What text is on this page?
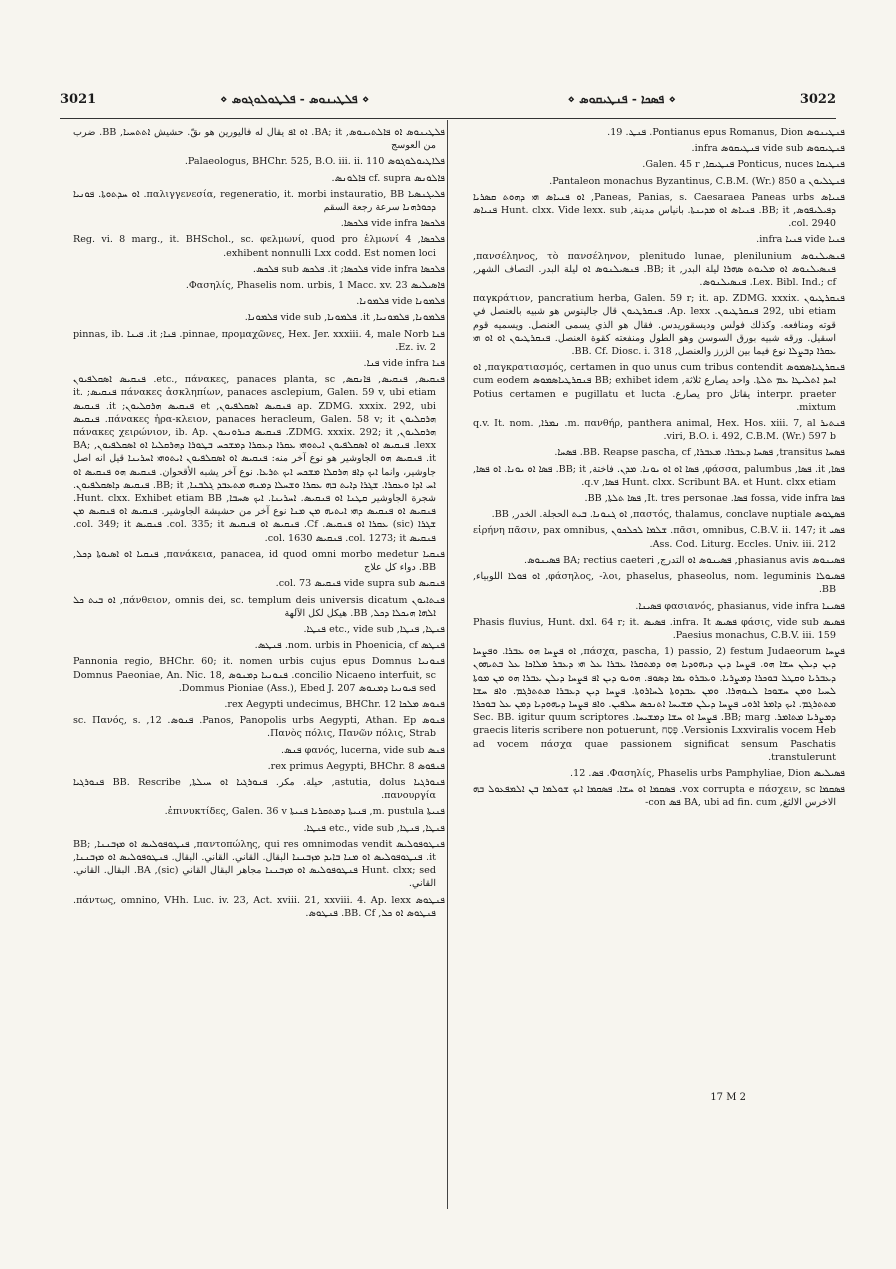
3021	⋄ ܦܠܛܝܢܘܣ - ܦܠܛܘܠܘܓܘܣ ⋄	⋄ ܦܣܟܐ - ܦܢܛܝܩܘܣ ⋄	3022

ܦܠܛܝܢܘܣ ܐܘ ܦܐܠܬܝܢܘܣ, BA; it. ܐܘ ܐܦ يقال له فاليورين هو ىقّ. حشيش ܐܬܬܚܝܐ, BB. ضرب من العوسج

ܦܠܐܛܝܘܠܘܓܘܣ Palaeologus, BHChr. 525, B.O. iii. ii. 110.

ܦܐܠܘܢܣ cf. supra ܦܐܠܘܢܣ.

ܦܠܝܓܢܣܝܐ παλιγγενεσία, regeneratio, it. morbi instauratio, BB. ܐܘ ܚܕܬܘܬܐ. ܦܘܢܝܐ ܕܟܘܪܗܢܐ سرعة رجعة السقم

ܦܠܟܣܐ vide infra ܦܠܟܣܐ.

ܦܠܟܣܐ, 4 Reg. vi. 8 marg., it. BHSchol., sc. φελμωνί, quod pro ἐλμωνί exhibent nonnulli Lxx codd. Est nomen loci.

ܦܠܟܣܐ vide infra ܦܠܟܣܐ; it. ܦܠܟܣ sub ܦܠܟܣ.

ܦܐܣܝܠܝܣ Φασηλίς, Phaselis nom. urbis, 1 Macc. xv. 23.

ܦܠܡܘܢܐ vide ܦܠܡܘܢܐ.

ܦܠܡܘܢܐ, ܦܠܡܘܢܝܐ, it. ܦܠܡܘܢܐ, vide sub ܦܠܡܘܢܐ.

ܦܢܐ pinnae, προμαχῶνες, Hex. Jer. xxxiii. 4, male Norb. ܦܢܐ; it. ܦܝܢܐ pinnas, ib. Ez. iv. 2.

ܦܢܐ vide infra ܦܢܐ.

ܦܢܩܝܣ, ܦܢܩܝܣ, ܦܐܢܩܣ, etc., πάνακες, panaces planta, sc. ܦܢܩܝܣ ܐܣܩܠܦܝܘܢ πάνακες ἀσκληπίων, panaces asclepium, Galen. 59 v, ubi etiam ܦܢܩܝܣ; it. ap. ZDMG. xxxix. 292, ubi ܦܢܩܝܣ ܐܣܩܠܦܝܘܢ, et ܦܢܩܝܣ ܗܪܩܠܝܘܢ; it. ܦܢܩܝܣ ܗܪܩܠܝܘܢ πάνακες ἡρα-κλειον, panaces heracleum, Galen. 58 v; it. ܦܢܩܝܣ ܗܪܩܠܝܘܢ, ZDMG. xxxix. 292; it. ܦܢܩܝܣ ܟܝܪܘܢܝܘܢ πάνακες χειρώνιον, ib. Ap. lexx. ܦܢܩܝܣ ܐܘ ܐܣܩܠܦܝܘܢ ܐܝܬܘܗܝ ܥܩܪܐ ܕܥܩܪܐ ܕܡܫܟܚ ܒܛܘܪܐ ܕܗܪܩܠܝܐ ܐܘ ܐܣܩܠܦܝܘܢ, BA; it. ܦܢܩܝܣ ܗܘ الجاوشير هو نوع آخر منه: ܦܢܩܝܣ ܐܘ ܐܣܩܠܦܝܘܢ ܐܝܬܘܗܝ ܐܚܪܝܢܐ قيل انه اصل جاوشير، وانما ܐܝܟ ܕܐܦ ܗܪܩܠܐ ܡܫܟܚ ܐܝܟ ܬܪܥܐ. نوع آخر يشبه الأقحوان. ܦܢܩܝܣ ܗܘ ܦܢܩܝܣ ܐܘ ܐܚ ܐܕܐ ܘܥܩܪܐ. ܫܓܪܐ ܕܐܝܬ ܒܗ ܥܩܪܐ ܘܫܚܠܐ ܕܡܢܗ ܡܬܥܒܕ ܓܠܒܢܐ, BB; it. ܦܢܩܝܣ ܕܐܣܩܠܦܝܘܢ. شجرة الجاوشير ܩܛܢܐ ܐܘ ܦܢܩܝܣ. ܐܚܪܝܢܐ. ܐܝܟ ܣܚܒܐ, Hunt. clxx. Exhibet etiam BB. ܦܢܩܝܣ ܐܘ ܦܢܩܝܣ ܕܗܝ ܐܝܬܝܗ ܡܢ ܡܢܐ نوع آخر من حشيشة الجاوشير. ܦܢܩܝܣ ܐܘ ܦܢܩܝܣ ܡܢ ܫܓܪܐ (sic) ܥܩܪܐ ܐܘ ܦܢܩܝܣ. Cf. ܦܢܩܝܣ ܐܘ ܦܢܩܝܣ col. 335; it. ܦܢܩܝܣ col. 349; it. ܦܢܩܝܣ col. 1273; it. ܦܢܩܝܣ col. 1630.

ܦܢܩܝܐ πανάκεια, panacea, id quod omni morbo medetur, ܦܢܩܝܐ ܐܘ ܐܣܝܘܬܐ ܕܟܠ, BB. دواء كل علاج

ܦܢܩܝܣ vide supra sub ܦܢܩܝܣ col. 73.

ܦܢܬܐܝܘܢ πάνθειον, omnis dei, sc. templum deis universis dicatum, ܐܘ ܒܝܬ ܟܠ ܐܠܗܐ ܗܝܟܠܐ ܕܟܠ, BB. هيكل لكل الآلهة

ܦܢܛܐ, ܦܢܛܐ, etc., vide sub ܦܢܛܐ.

ܦܢܛܣ nom. urbis in Phoenicia, cf. ܦܢܛܣ.

ܦܢܘܢܝܐ Pannonia regio, BHChr. 60; it. nomen urbis cujus epus Domnus concilio Nicaeno interfuit, sc. ܦܢܘܢܝܐ ܕܡܢܘܣ Domnus Paeoniae, An. Nic. 18, sed ܦܝܘܢܝܐ ܕܡܢܘܣ Dommus Pioniae (Ass.), Ebed J. 207.

ܦܢܘܣ ܡܠܟܐ rex Aegypti undecimus, BHChr. 12.

ܦܢܘܣ Panos, Panopolis urbs Aegypti, Athan. Ep. ܦܢܘܣ. 12, sc. Πανός, s. Πανὸς πόλις, Πανῶν πόλις, Strab.

ܦܢܣ φανός, lucerna, vide sub ܦܢܣ.

ܦܢܦܘܣ rex primus Aegypti, BHChr. 8.

ܦܢܘܪܓܝܐ astutia, dolus, حيلة. مكر. ܦܢܘܪܓܝܐ ܐܘ ܚܝܠܬܐ, BB. Rescribe ܦܢܘܪܓܝܐ πανουργία.

ܦܢܝܬܐ m. pustula, ܦܢܝܬܐ ܕܡܬܩܪܝܐ ܦܢܝܬܐ ἐπινυκτίδες, Galen. 36 v.

ܦܢܛܐ, ܦܢܛܐ, etc., vide sub ܦܢܛܐ.

ܦܢܛܘܦܘܠܝܣ παντοπώλης, qui res omnimodas vendit, ܦܢܛܘܦܘܠܝܣ ܐܘ ܡܙܒܢܢܐ, BB; it. ܦܢܛܘܦܘܠܝܣ ܐܘ ܡܢܐ ܒܐܝܕ ܡܙܒܢܢܐ البقال. القاني. القاني. البقال. ܦܢܛܘܦܘܠܝܣ ܐܘ ܡܙܒܢܢܐ, Hunt. clxx; sed ܦܢܛܘܦܘܠܝܣ ܐܘ ܡܙܒܢܢܐ مجاهر البقال القاني (sic), BA. البقال. القاني. القاني.

ܦܢܛܘܣ πάντως, omnino, VHh. Luc. iv. 23, Act. xviii. 21, xxviii. 4. Ap. lexx. ܦܢܛܘܣ ܐܘ ܟܠ, BB. Cf. ܦܢܛܘܣ.

ܦܢܛܝܢܘܣ Pontianus epus Romanus, Dion. ܦܢܛ. 19.

ܦܢܛܝܩܘܣ vide sub ܦܢܛܝܩܘܣ infra.

ܦܢܛܝܩܐ Ponticus, nuces ܦܢܛܝܩܐ, Galen. 45 r.

ܦܢܛܠܝܘܢ Pantaleon monachus Byzantinus, C.B.M. (Wr.) 850 a.

ܦܢܝܐܣ Paneas, Panias, s. Caesaraea Paneas urbs, ܐܘ ܦܢܝܐܣ ܗܝ ܕܗܘܬ ܩܣܪܝܐ ܕܦܝܠܝܦܘܣ, BB; it. ܦܢܝܐܣ ܐܘ ܡܕܝܢܬܐ. بانياس مدينة, Hunt. clxx. Vide lexx. sub ܦܢܝܐܣ col. 2940.

ܦܢܝܐ vide ܦܢܝܐ infra.

ܦܢܣܝܠܢܘܣ πανσέληνος, τὸ πανσέληνον, plenitudo lunae, plenilunium, ܦܢܣܝܠܢܘܣ ܐܘ ܡܠܝܘܬ ܣܗܪܐ ليلة البدر, BB; it. ܦܢܣܝܠܢܘܣ ܐܘ ليلة البدر. التصاف الشهر, Lex. Bibl. Ind.; cf. ܦܢܣܝܠܢܘܣ.

ܦܢܩܪܛܝܘܢ παγκράτιον, pancratium herba, Galen. 59 r; it. ap. ZDMG. xxxix. 292, ubi etiam ܦܢܩܪܛܝܘܢ. Ap. lexx. ܦܢܩܪܛܝܘܢ قال جالينوس هو شبيه بالعنصل في قوته ومنافعه. وكذلك فولس وديسقوريدس. فقال هو الذي يسمى العنصل. ويسميه قوم اسقيل. ورقه شبيه بورق السوسن وهو الطول ومنفعته كقوة العنصل. ܦܢܩܪܛܝܘܢ ܐܘ ܐܘ ܗܝ ܥܩܪܐ ܕܒܨܠܐ نوع فيما بين الزرز والعنصل, BB. Cf. Diosc. i. 318.

ܦܢܩܪܛܝܐܣܡܘܣ παγκρατιασμός, certamen in quo unus cum tribus contendit, ܐܘ ܐܚܕ ܐܬܠܝܛܐ ܥܡ ܬܠܬܐ. واحد يصارع ثلاثة, BB; exhibet idem ܦܢܩܪܛܝܐܣܡܘܣ cum eodem interpr. praeter يقاتل pro يصارع. Potius certamen e pugillatu et lucta mixtum.

ܦܢܬܝܪ m. πανθήρ, panthera animal, Hex. Hos. xiii. 7, al. ܢܡܪܐ, q.v. It. nom. viri, B.O. i. 492, C.B.M. (Wr.) 597 b.

ܦܣܚܐ transitus, ܦܣܚܐ ܕܥܒܪܐ. ܡܥܒܪܐ, BB. Reapse pascha, cf. ܦܣܚܐ.

ܦܣܐ, it. ܦܣܐ, φάσσα, palumbus, ܦܣܐ ܐܘ ܐܘ ܝܘܢܐ. ܡܕܢ. فاختة, BB; it. ܦܣܐ ܐܘ ܝܘܢܐ. ܐܘ ܦܣܐ, Hunt. clxx. Scribunt BA. et Hunt. clxx etiam ܦܣܐ, q.v.

ܦܣܐ fossa, vide infra ܦܣܐ. It. tres personae, ܦܣܐ ܬܠܬܐ, BB.

ܦܣܛܘܣ παστός, thalamus, conclave nuptiale, ܐܘ ܓܢܘܢܐ. ܒܝܬ الحجلة. الخدر, BB.

ܦܣܝ πᾶσι, omnibus, C.B.V. ii. 147; it. ܫܠܡܐ ܠܟܠܟܘܢ εἰρήνη πᾶσιν, pax omnibus, Ass. Cod. Liturg. Eccles. Univ. iii. 212.

ܦܣܝܢܘܣ phasianus avis, ܦܣܝܢܘܣ ܐܘ التدرج, BA; rectius caeteri ܦܣܝܢܘܣ.

ܦܣܝܘܠܐ φάσηλος, -λοι, phaselus, phaseolus, nom. leguminis, ܐܘ ܦܘܠܐ اللوبياء, BB.

ܦܣܝܢܐ φασιανός, phasianus, vide infra ܦܣܝܢܐ.

ܦܣܝܣ φάσις, vide sub ܦܣܝܣ infra. It. ܦܣܝܣ Phasis fluvius, Hunt. dxl. 64 r; it. Paesius monachus, C.B.V. iii. 159.

ܦܨܚܐ πάσχα, pascha, 1) passio, 2) festum Judaeorum, ܐܘ ܦܨܚܐ ܗܘ ܥܒܪܐ. ܘܦܨܚܐ ܕܝܢ ܕܝܠܢ ܚܫܐ ܗܘ. ܦܨܚܐ ܕܝܢ ܕܝܗܘܕܝܐ ܗܘ ܕܡܬܩܪܐ ܥܒܪܐ ܥܠ ܗܝ ܕܥܒܪ ܡܠܐܟܐ ܥܠ ܒܬܝܗܘܢ ܕܥܒܪܝܐ ܘܩܛܠ ܒܘܟܪܐ ܕܡܨܪܝܐ. ܘܥܒܪܘ ܝܡܐ ܕܣܘܦ. ܗܘܝܘ ܕܝܢ ܐܦ ܦܨܚܐ ܕܝܠܢ ܥܒܪܐ ܗܘ ܡܢ ܡܘܬܐ ܠܚܝܐ ܘܡܢ ܚܫܘܟܐ ܠܢܘܗܪܐ. ܘܡܢ ܥܒܕܘܬܐ ܠܚܐܪܘܬܐ. ܦܨܚܐ ܕܝܢ ܕܥܒܪܐ ܡܬܬܪܓܡ. ܘܐܦ ܚܫܐ ܡܬܬܪܓܡ. ܐܝܟ ܕܐܡܪ ܐܪܘܝ ܦܨܚܐ ܕܝܠܢ ܡܫܝܚܐ ܐܬܢܟܣ ܚܠܦܝܢ. ܘܐܦ ܦܨܚܐ ܕܝܗܘܕܝܐ ܕܡܢ ܥܠ ܒܘܟܪܐ ܕܡܨܪܝܐ ܡܬܐܡܪ. BB; marg. ܦܨܚܐ ܐܘ ܚܫܐ ܕܡܫܝܚܐ. Sec. BB. igitur quum scriptores Versionis Lxxviralis vocem Heb. פֶּסַח graecis literis scribere non potuerunt, ad vocem πάσχα quae passionem significat sensum Paschatis transtulerunt.

ܦܣܝܠܝܣ Φασηλίς, Phaselis urbs Pamphyliae, Dion. ܦܣ. 12.

ܦܣܩܡܐ vox corrupta e πάσχειν, sc. ܦܣܩܡܐ ܐܘ ܚܫܐ. ܦܣܩܡܐ ܐܝܟ ܫܘܠܡܐ ܒܢ ܐܠܡܦܥܘܠ ܒܗ الاخرس الالثغ, BA, ubi ad fin. cum ܦܣ con-

17 M 2
